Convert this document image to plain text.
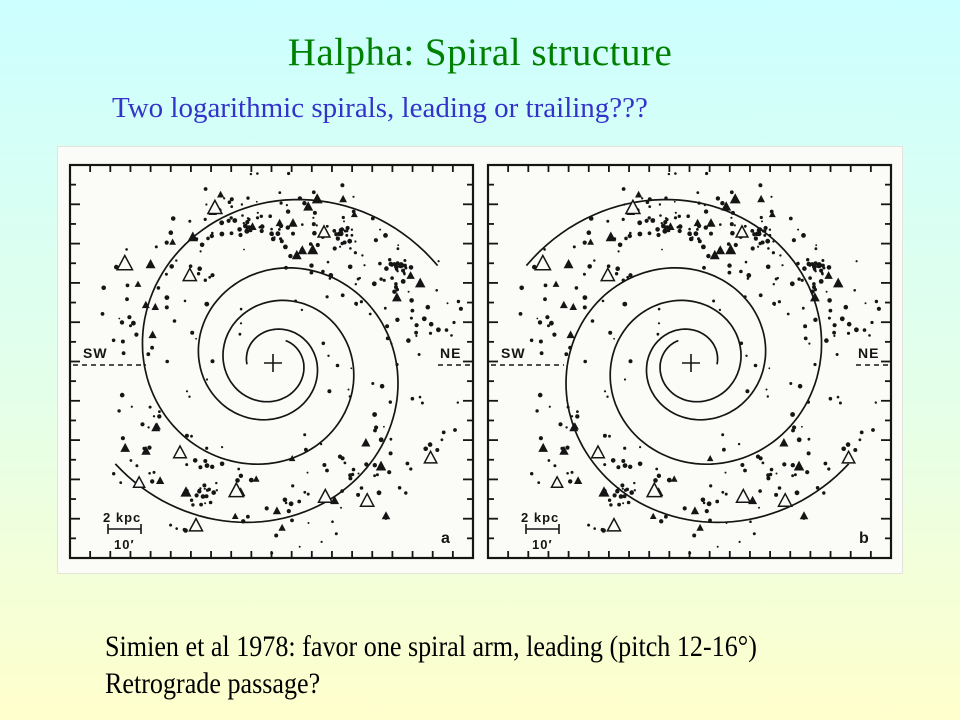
Halpha: Spiral structure
Two logarithmic spirals, leading or trailing???
SW	NE
a
2 kpc
10′
SW	NE
b
2 kpc
10′
Simien et al 1978: favor one spiral arm, leading (pitch 12-16°)
Retrograde passage?
